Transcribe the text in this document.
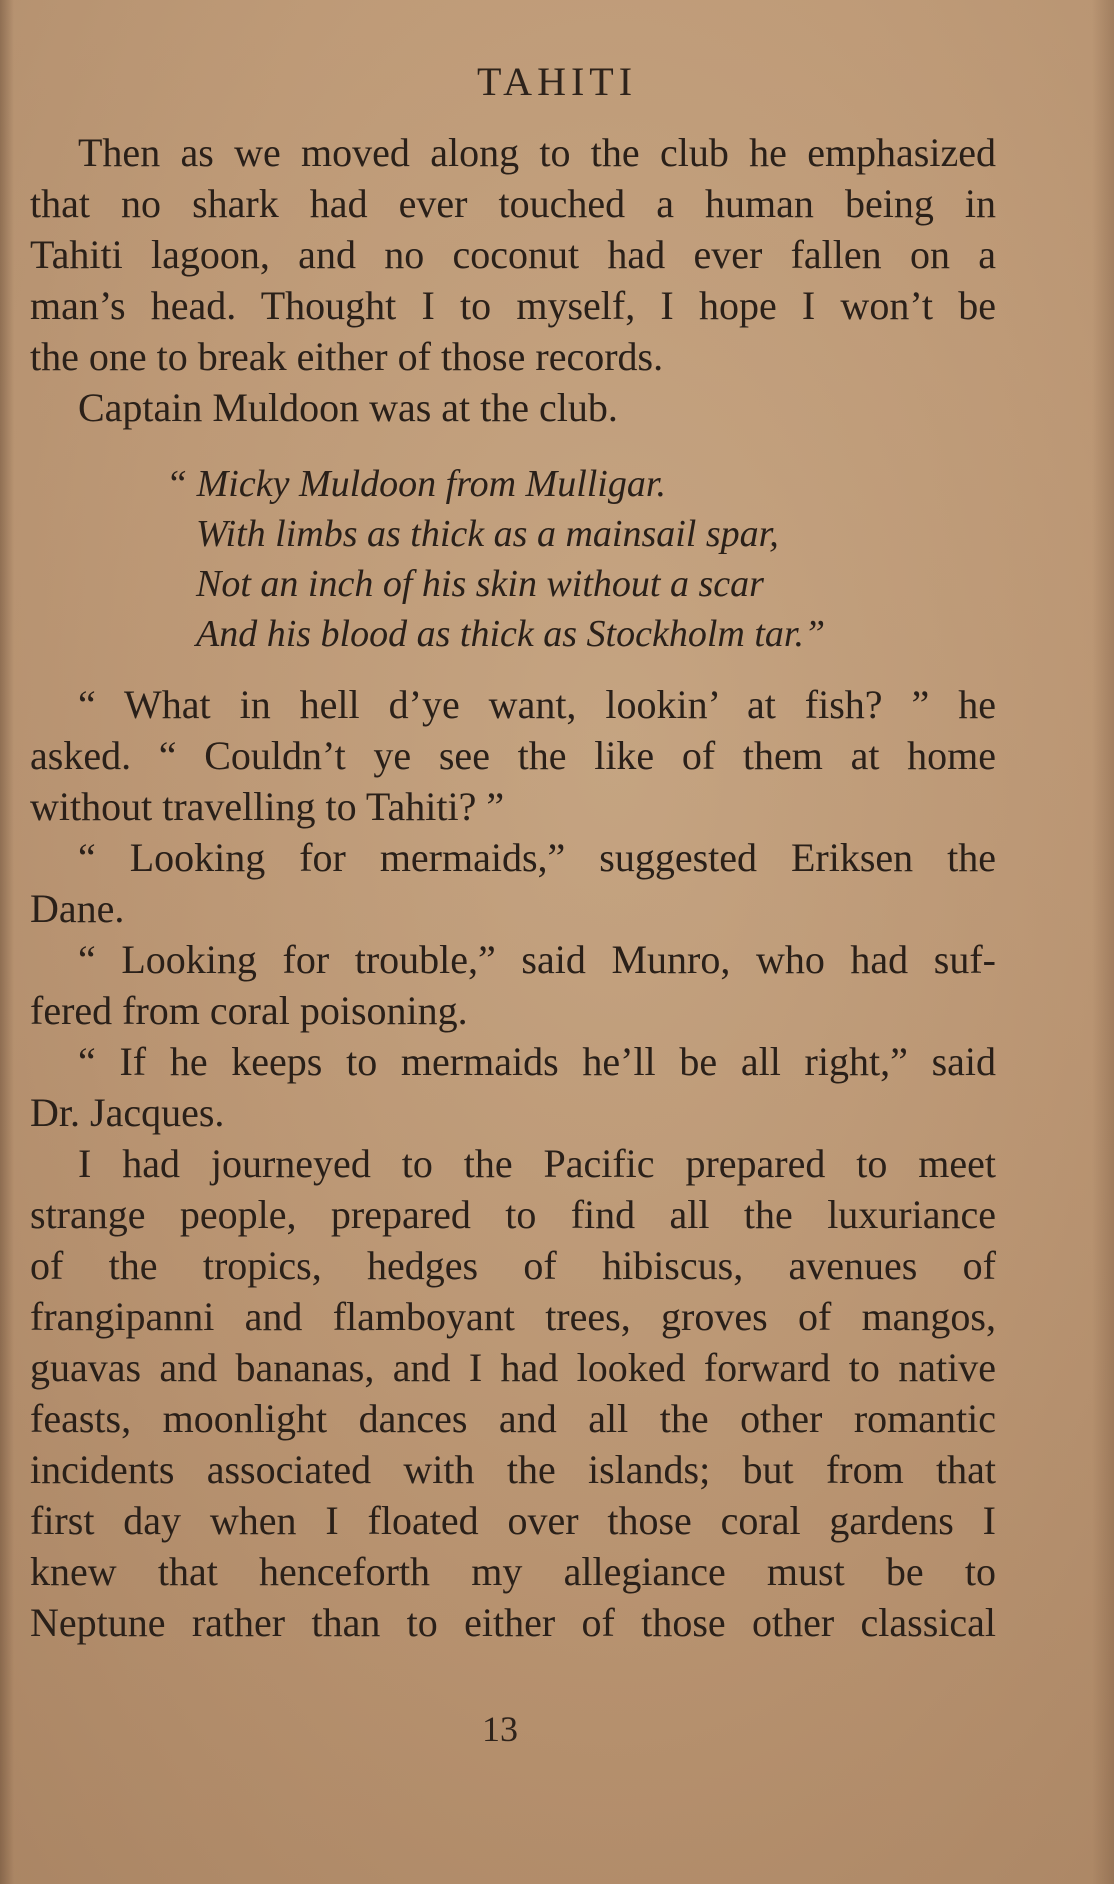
TAHITI
Then as we moved along to the club he emphasized
that no shark had ever touched a human being in
Tahiti lagoon, and no coconut had ever fallen on a
man’s head. Thought I to myself, I hope I won’t be
the one to break either of those records.
Captain Muldoon was at the club.
“ Micky Muldoon from Mulligar.
With limbs as thick as a mainsail spar,
Not an inch of his skin without a scar
And his blood as thick as Stockholm tar.”
“ What in hell d’ye want, lookin’ at fish? ” he
asked. “ Couldn’t ye see the like of them at home
without travelling to Tahiti? ”
“ Looking for mermaids,” suggested Eriksen the
Dane.
“ Looking for trouble,” said Munro, who had suf-
fered from coral poisoning.
“ If he keeps to mermaids he’ll be all right,” said
Dr. Jacques.
I had journeyed to the Pacific prepared to meet
strange people, prepared to find all the luxuriance
of the tropics, hedges of hibiscus, avenues of
frangipanni and flamboyant trees, groves of mangos,
guavas and bananas, and I had looked forward to native
feasts, moonlight dances and all the other romantic
incidents associated with the islands; but from that
first day when I floated over those coral gardens I
knew that henceforth my allegiance must be to
Neptune rather than to either of those other classical
13
